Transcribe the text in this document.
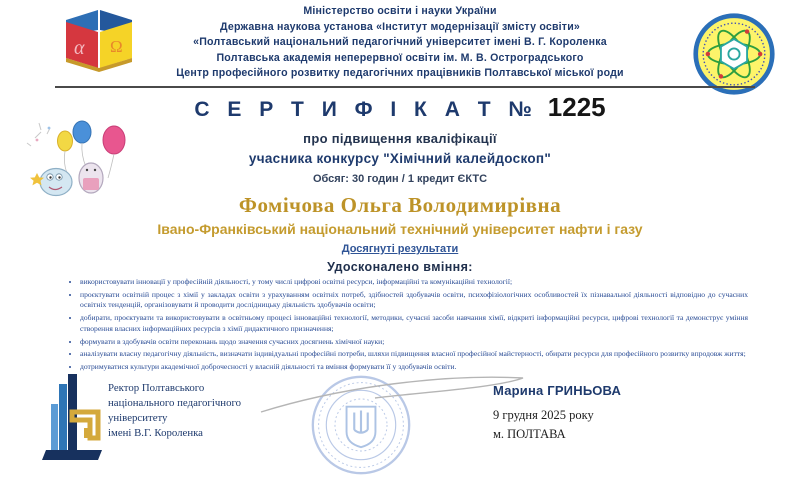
α Ω
Міністерство освіти і науки України
Державна наукова установа «Інститут модернізації змісту освіти»
«Полтавський національний педагогічний університет імені В. Г. Короленка
Полтавська академія неперервної освіти ім. М. В. Остроградського
Центр професійного розвитку педагогічних працівників Полтавської міської роди
С Е Р Т И Ф І К А Т № 1225
про підвищення кваліфікації
учасника конкурсу "Хімічний калейдоскоп"
Обсяг: 30 годин / 1 кредит ЄКТС
Фомічова Ольга Володимирівна
Івано-Франківський національний технічний університет нафти і газу
Досягнуті результати
Удосконалено вміння:
• використовувати інновації у професійній діяльності, у тому числі цифрові освітні ресурси, інформаційні та комунікаційні технології;
• проєктувати освітній процес з хімії у закладах освіти з урахуванням освітніх потреб, здібностей здобувачів освіти, психофізіологічних особливостей їх пізнавальної діяльності відповідно до сучасних освітніх тенденцій, організовувати й проводити дослідницьку діяльність здобувачів освіти;
• добирати, проєктувати та використовувати в освітньому процесі інноваційні технології, методики, сучасні засоби навчання хімії, відкриті інформаційні ресурси, цифрові технології та демонструє уміння створення власних інформаційних ресурсів з хімії дидактичного призначення;
• формувати в здобувачів освіти переконань щодо значення сучасних досягнень хімічної науки;
• аналізувати власну педагогічну діяльність, визначати індивідуальні професійні потреби, шляхи підвищення власної професійної майстерності, обирати ресурси для професійного розвитку впродовж життя;
• дотримуватися культури академічної доброчесності у власній діяльності та вміння формувати її у здобувачів освіти.
Ректор Полтавського
національного педагогічного
університету
імені В.Г. Короленка
Марина ГРИНЬОВА
9 грудня 2025 року
м. ПОЛТАВА
